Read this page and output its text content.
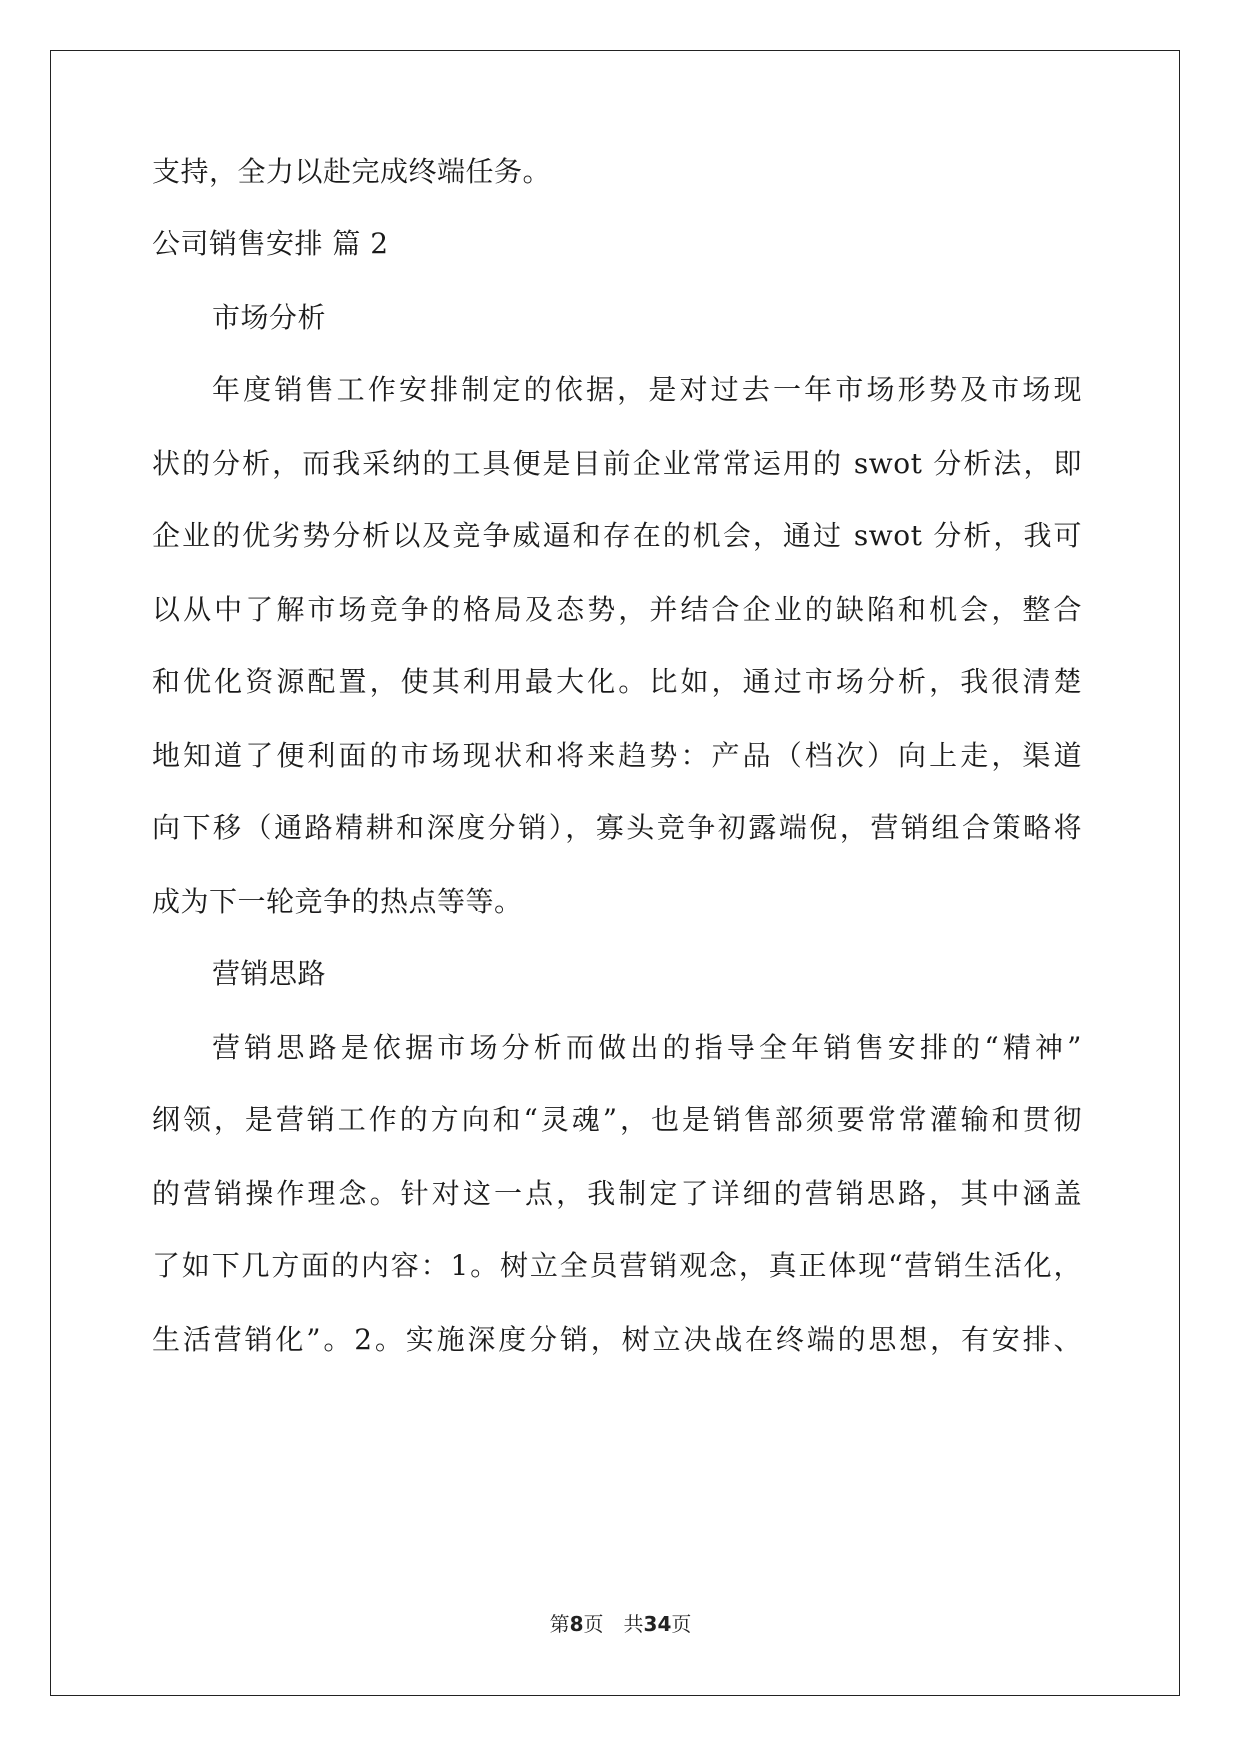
支持，全力以赴完成终端任务。
公司销售安排 篇 2
市场分析
年度销售工作安排制定的依据，是对过去一年市场形势及市场现
状的分析，而我采纳的工具便是目前企业常常运用的 swot 分析法，即
企业的优劣势分析以及竞争威逼和存在的机会，通过 swot 分析，我可
以从中了解市场竞争的格局及态势，并结合企业的缺陷和机会，整合
和优化资源配置，使其利用最大化。比如，通过市场分析，我很清楚
地知道了便利面的市场现状和将来趋势：产品（档次）向上走，渠道
向下移（通路精耕和深度分销），寡头竞争初露端倪，营销组合策略将
成为下一轮竞争的热点等等。
营销思路
营销思路是依据市场分析而做出的指导全年销售安排的“精神”
纲领，是营销工作的方向和“灵魂”，也是销售部须要常常灌输和贯彻
的营销操作理念。针对这一点，我制定了详细的营销思路，其中涵盖
了如下几方面的内容：1。树立全员营销观念，真正体现“营销生活化，
生活营销化”。2。实施深度分销，树立决战在终端的思想，有安排、
第8页　共34页
